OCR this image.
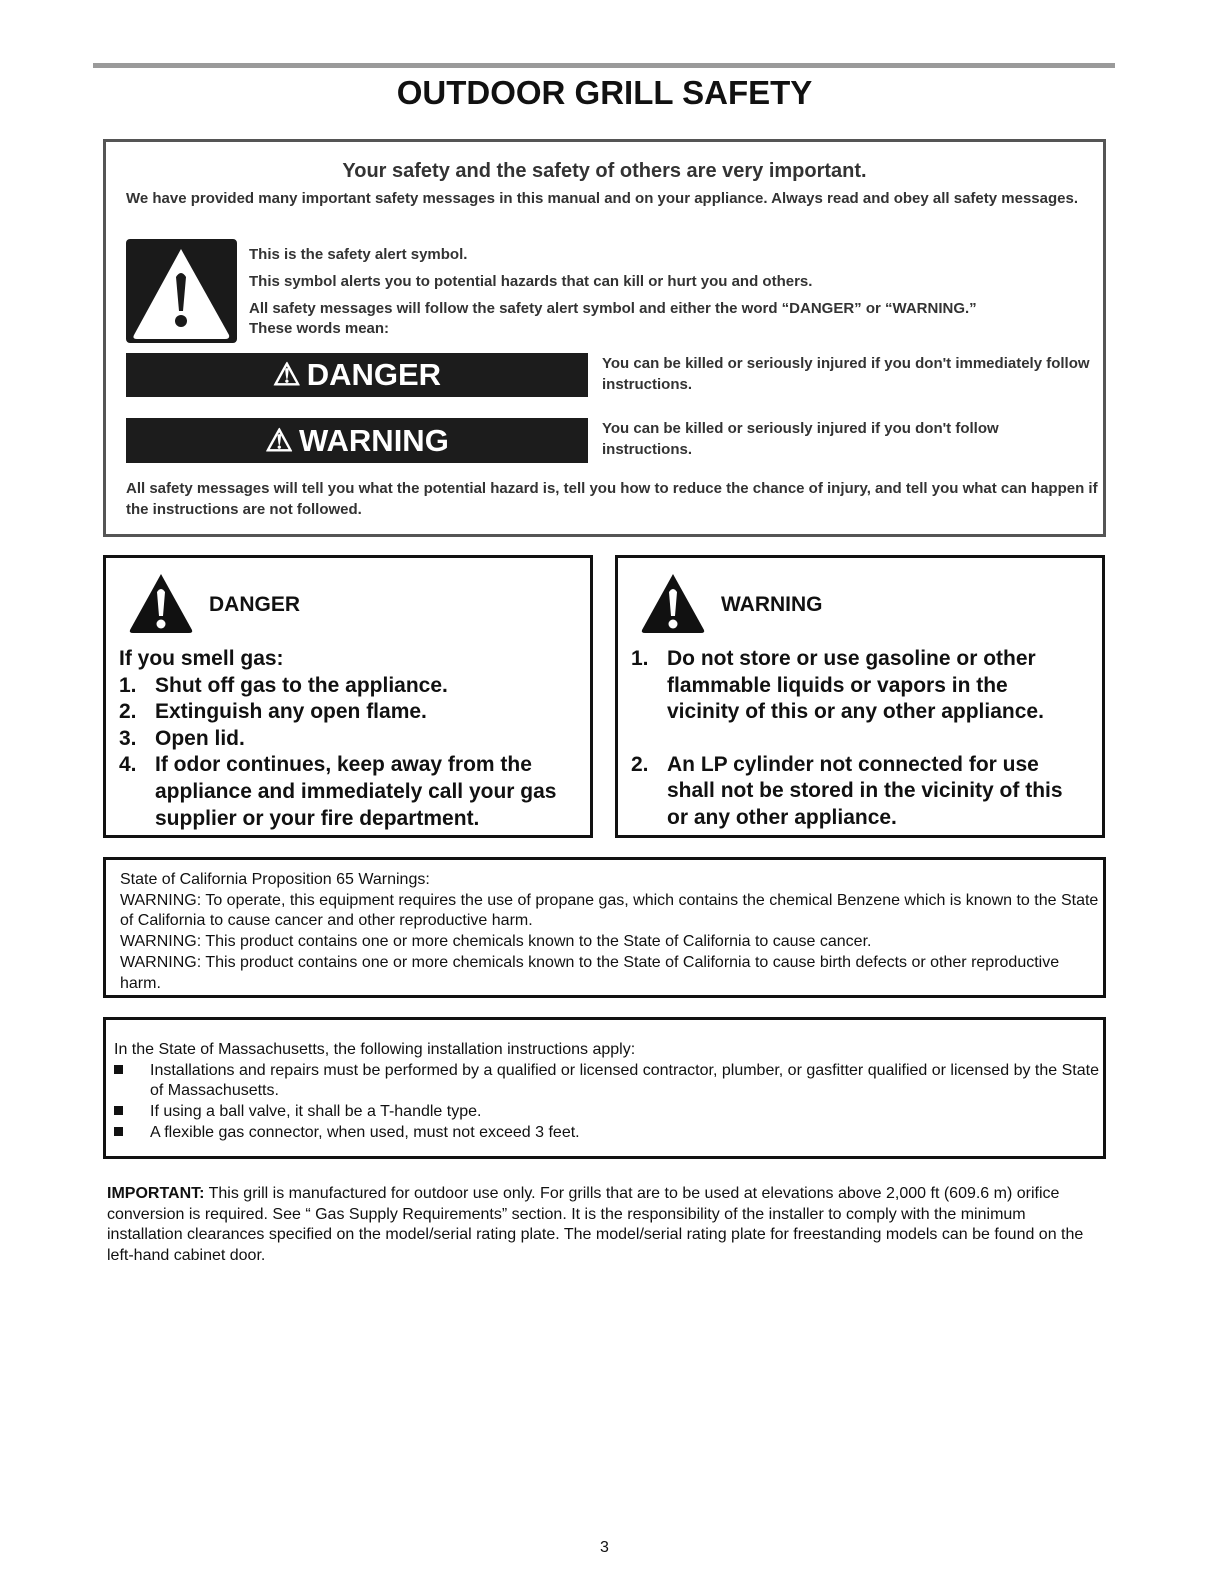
OUTDOOR GRILL SAFETY
Your safety and the safety of others are very important.
We have provided many important safety messages in this manual and on your appliance. Always read and obey all safety messages.
This is the safety alert symbol.
This symbol alerts you to potential hazards that can kill or hurt you and others.
All safety messages will follow the safety alert symbol and either the word “DANGER” or “WARNING.”
These words mean:
⚠ DANGER	You can be killed or seriously injured if you don't immediately follow instructions.
⚠ WARNING	You can be killed or seriously injured if you don't follow instructions.
All safety messages will tell you what the potential hazard is, tell you how to reduce the chance of injury, and tell you what can happen if the instructions are not followed.
DANGER
If you smell gas:
1. Shut off gas to the appliance.
2. Extinguish any open flame.
3. Open lid.
4. If odor continues, keep away from the appliance and immediately call your gas supplier or your fire department.
WARNING
1. Do not store or use gasoline or other flammable liquids or vapors in the vicinity of this or any other appliance.
2. An LP cylinder not connected for use shall not be stored in the vicinity of this or any other appliance.
State of California Proposition 65 Warnings:
WARNING: To operate, this equipment requires the use of propane gas, which contains the chemical Benzene which is known to the State of California to cause cancer and other reproductive harm.
WARNING: This product contains one or more chemicals known to the State of California to cause cancer.
WARNING: This product contains one or more chemicals known to the State of California to cause birth defects or other reproductive harm.
In the State of Massachusetts, the following installation instructions apply:
Installations and repairs must be performed by a qualified or licensed contractor, plumber, or gasfitter qualified or licensed by the State of Massachusetts.
If using a ball valve, it shall be a T-handle type.
A flexible gas connector, when used, must not exceed 3 feet.
IMPORTANT: This grill is manufactured for outdoor use only. For grills that are to be used at elevations above 2,000 ft (609.6 m) orifice conversion is required. See “ Gas Supply Requirements” section. It is the responsibility of the installer to comply with the minimum installation clearances specified on the model/serial rating plate. The model/serial rating plate for freestanding models can be found on the left-hand cabinet door.
3
